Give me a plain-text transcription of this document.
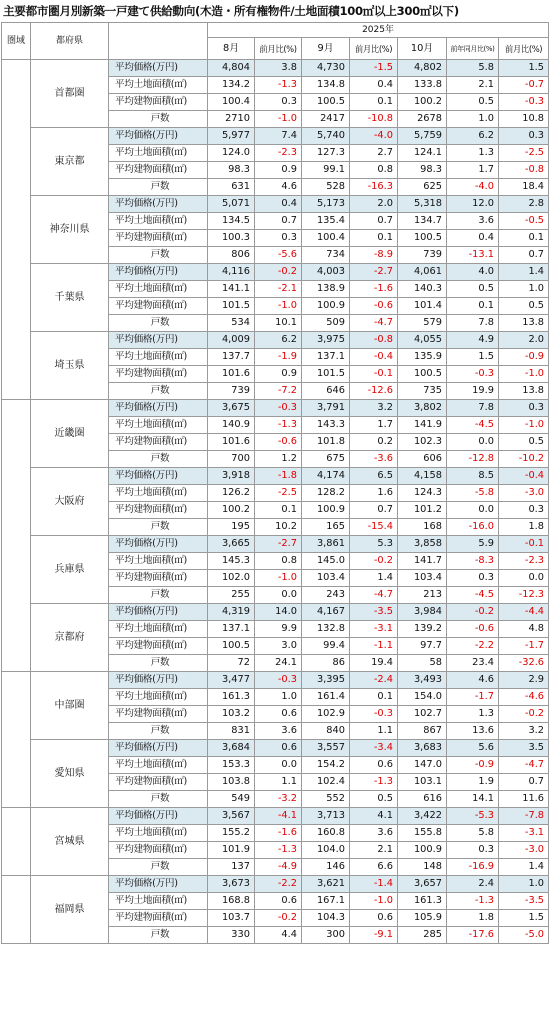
主要都市圏月別新築一戸建て供給動向(木造・所有権物件/土地面積100㎡以上300㎡以下)
圏域	都府県		2025年						
			8月	前月比(%)	9月	前月比(%)	10月	前年同月比(%)	前月比(%)
	首都圏	平均価格(万円)	4,804	3.8	4,730	-1.5	4,802	5.8	1.5
		平均土地面積(㎡)	134.2	-1.3	134.8	0.4	133.8	2.1	-0.7
		平均建物面積(㎡)	100.4	0.3	100.5	0.1	100.2	0.5	-0.3
		戸数	2710	-1.0	2417	-10.8	2678	1.0	10.8
	東京都	平均価格(万円)	5,977	7.4	5,740	-4.0	5,759	6.2	0.3
		平均土地面積(㎡)	124.0	-2.3	127.3	2.7	124.1	1.3	-2.5
		平均建物面積(㎡)	98.3	0.9	99.1	0.8	98.3	1.7	-0.8
		戸数	631	4.6	528	-16.3	625	-4.0	18.4
	神奈川県	平均価格(万円)	5,071	0.4	5,173	2.0	5,318	12.0	2.8
		平均土地面積(㎡)	134.5	0.7	135.4	0.7	134.7	3.6	-0.5
		平均建物面積(㎡)	100.3	0.3	100.4	0.1	100.5	0.4	0.1
		戸数	806	-5.6	734	-8.9	739	-13.1	0.7
	千葉県	平均価格(万円)	4,116	-0.2	4,003	-2.7	4,061	4.0	1.4
		平均土地面積(㎡)	141.1	-2.1	138.9	-1.6	140.3	0.5	1.0
		平均建物面積(㎡)	101.5	-1.0	100.9	-0.6	101.4	0.1	0.5
		戸数	534	10.1	509	-4.7	579	7.8	13.8
	埼玉県	平均価格(万円)	4,009	6.2	3,975	-0.8	4,055	4.9	2.0
		平均土地面積(㎡)	137.7	-1.9	137.1	-0.4	135.9	1.5	-0.9
		平均建物面積(㎡)	101.6	0.9	101.5	-0.1	100.5	-0.3	-1.0
		戸数	739	-7.2	646	-12.6	735	19.9	13.8
	近畿圏	平均価格(万円)	3,675	-0.3	3,791	3.2	3,802	7.8	0.3
		平均土地面積(㎡)	140.9	-1.3	143.3	1.7	141.9	-4.5	-1.0
		平均建物面積(㎡)	101.6	-0.6	101.8	0.2	102.3	0.0	0.5
		戸数	700	1.2	675	-3.6	606	-12.8	-10.2
	大阪府	平均価格(万円)	3,918	-1.8	4,174	6.5	4,158	8.5	-0.4
		平均土地面積(㎡)	126.2	-2.5	128.2	1.6	124.3	-5.8	-3.0
		平均建物面積(㎡)	100.2	0.1	100.9	0.7	101.2	0.0	0.3
		戸数	195	10.2	165	-15.4	168	-16.0	1.8
	兵庫県	平均価格(万円)	3,665	-2.7	3,861	5.3	3,858	5.9	-0.1
		平均土地面積(㎡)	145.3	0.8	145.0	-0.2	141.7	-8.3	-2.3
		平均建物面積(㎡)	102.0	-1.0	103.4	1.4	103.4	0.3	0.0
		戸数	255	0.0	243	-4.7	213	-4.5	-12.3
	京都府	平均価格(万円)	4,319	14.0	4,167	-3.5	3,984	-0.2	-4.4
		平均土地面積(㎡)	137.1	9.9	132.8	-3.1	139.2	-0.6	4.8
		平均建物面積(㎡)	100.5	3.0	99.4	-1.1	97.7	-2.2	-1.7
		戸数	72	24.1	86	19.4	58	23.4	-32.6
	中部圏	平均価格(万円)	3,477	-0.3	3,395	-2.4	3,493	4.6	2.9
		平均土地面積(㎡)	161.3	1.0	161.4	0.1	154.0	-1.7	-4.6
		平均建物面積(㎡)	103.2	0.6	102.9	-0.3	102.7	1.3	-0.2
		戸数	831	3.6	840	1.1	867	13.6	3.2
	愛知県	平均価格(万円)	3,684	0.6	3,557	-3.4	3,683	5.6	3.5
		平均土地面積(㎡)	153.3	0.0	154.2	0.6	147.0	-0.9	-4.7
		平均建物面積(㎡)	103.8	1.1	102.4	-1.3	103.1	1.9	0.7
		戸数	549	-3.2	552	0.5	616	14.1	11.6
	宮城県	平均価格(万円)	3,567	-4.1	3,713	4.1	3,422	-5.3	-7.8
		平均土地面積(㎡)	155.2	-1.6	160.8	3.6	155.8	5.8	-3.1
		平均建物面積(㎡)	101.9	-1.3	104.0	2.1	100.9	0.3	-3.0
		戸数	137	-4.9	146	6.6	148	-16.9	1.4
	福岡県	平均価格(万円)	3,673	-2.2	3,621	-1.4	3,657	2.4	1.0
		平均土地面積(㎡)	168.8	0.6	167.1	-1.0	161.3	-1.3	-3.5
		平均建物面積(㎡)	103.7	-0.2	104.3	0.6	105.9	1.8	1.5
		戸数	330	4.4	300	-9.1	285	-17.6	-5.0
